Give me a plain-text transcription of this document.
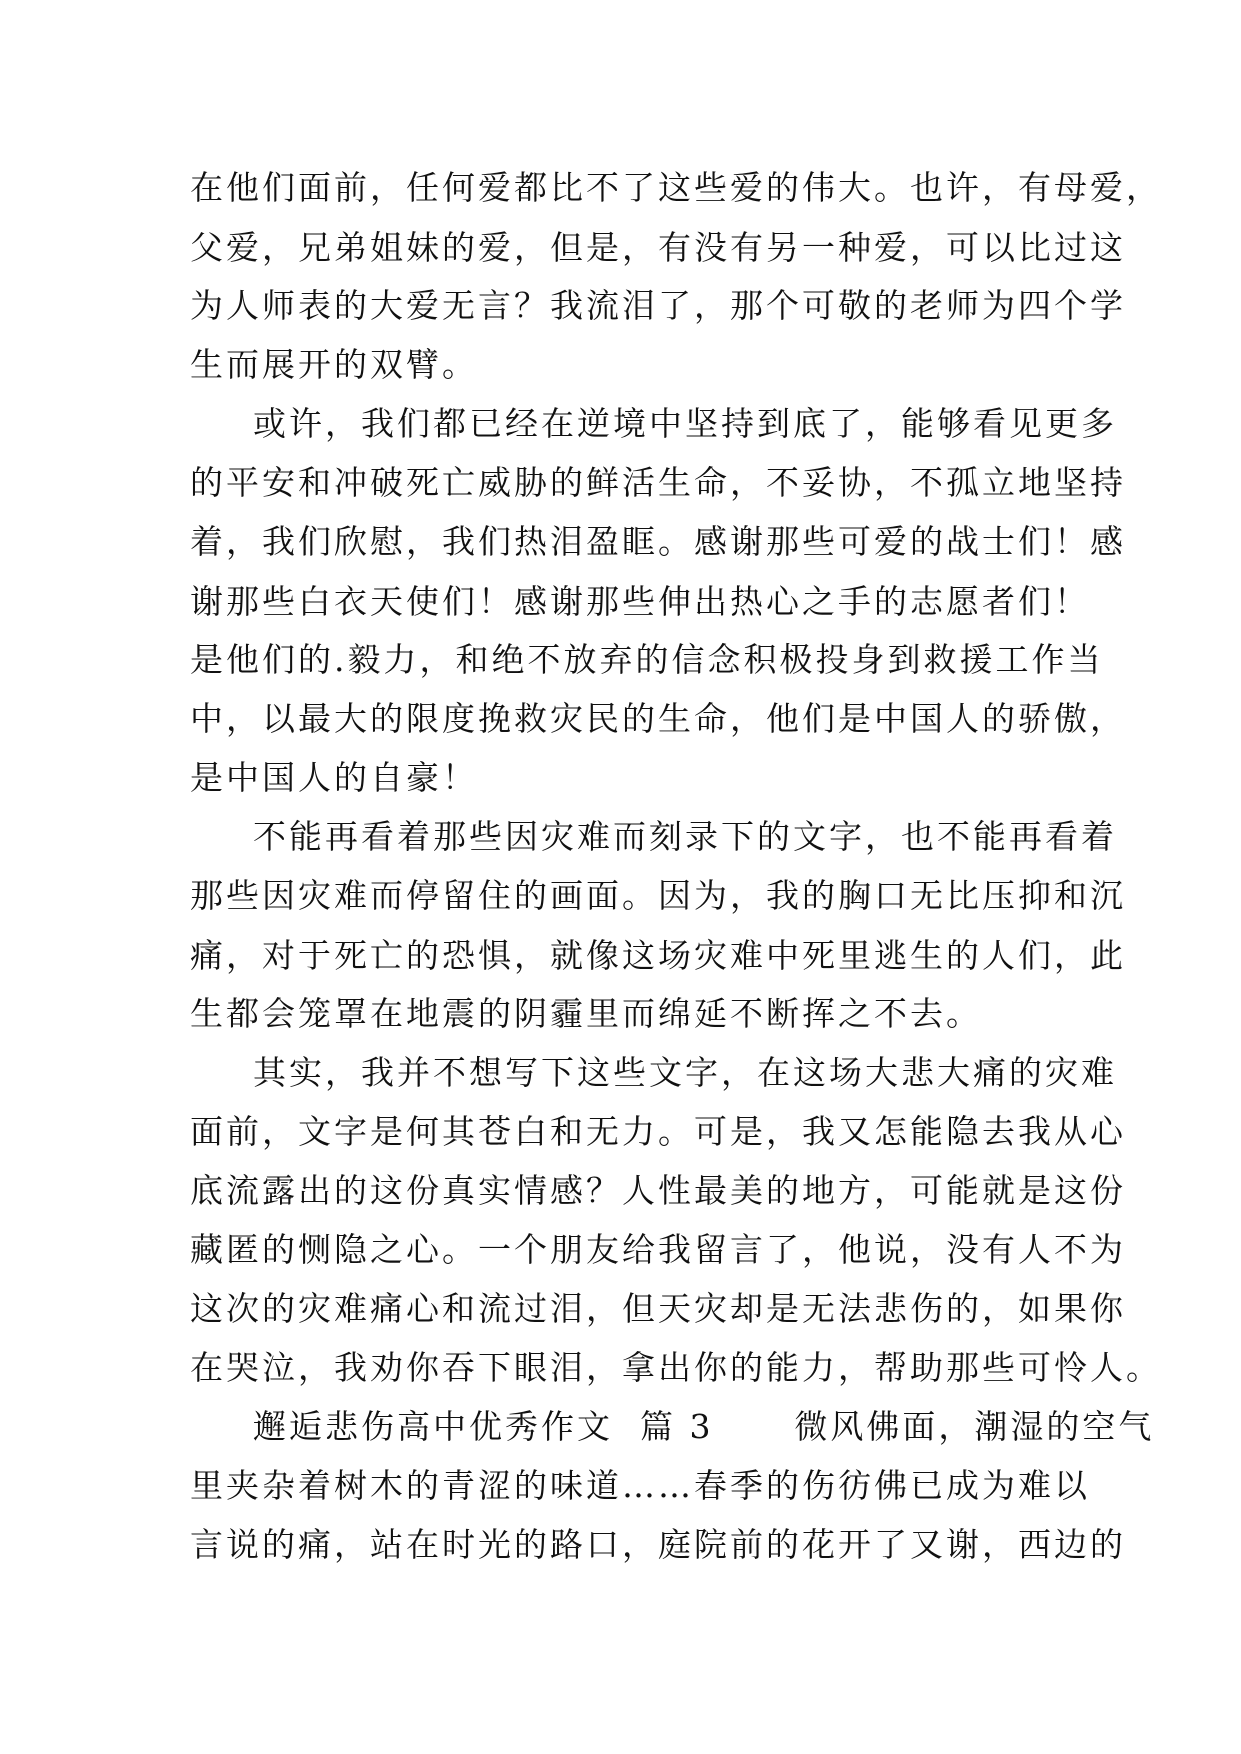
在他们面前，任何爱都比不了这些爱的伟大。也许，有母爱，
父爱，兄弟姐妹的爱，但是，有没有另一种爱，可以比过这
为人师表的大爱无言？我流泪了，那个可敬的老师为四个学
生而展开的双臂。
或许，我们都已经在逆境中坚持到底了，能够看见更多
的平安和冲破死亡威胁的鲜活生命，不妥协，不孤立地坚持
着，我们欣慰，我们热泪盈眶。感谢那些可爱的战士们！感
谢那些白衣天使们！感谢那些伸出热心之手的志愿者们！
是他们的.毅力，和绝不放弃的信念积极投身到救援工作当
中，以最大的限度挽救灾民的生命，他们是中国人的骄傲，
是中国人的自豪！
不能再看着那些因灾难而刻录下的文字，也不能再看着
那些因灾难而停留住的画面。因为，我的胸口无比压抑和沉
痛，对于死亡的恐惧，就像这场灾难中死里逃生的人们，此
生都会笼罩在地震的阴霾里而绵延不断挥之不去。
其实，我并不想写下这些文字，在这场大悲大痛的灾难
面前，文字是何其苍白和无力。可是，我又怎能隐去我从心
底流露出的这份真实情感？人性最美的地方，可能就是这份
藏匿的恻隐之心。一个朋友给我留言了，他说，没有人不为
这次的灾难痛心和流过泪，但天灾却是无法悲伤的，如果你
在哭泣，我劝你吞下眼泪，拿出你的能力，帮助那些可怜人。
邂逅悲伤高中优秀作文  篇 3      微风佛面，潮湿的空气
里夹杂着树木的青涩的味道……春季的伤彷佛已成为难以
言说的痛，站在时光的路口，庭院前的花开了又谢，西边的
